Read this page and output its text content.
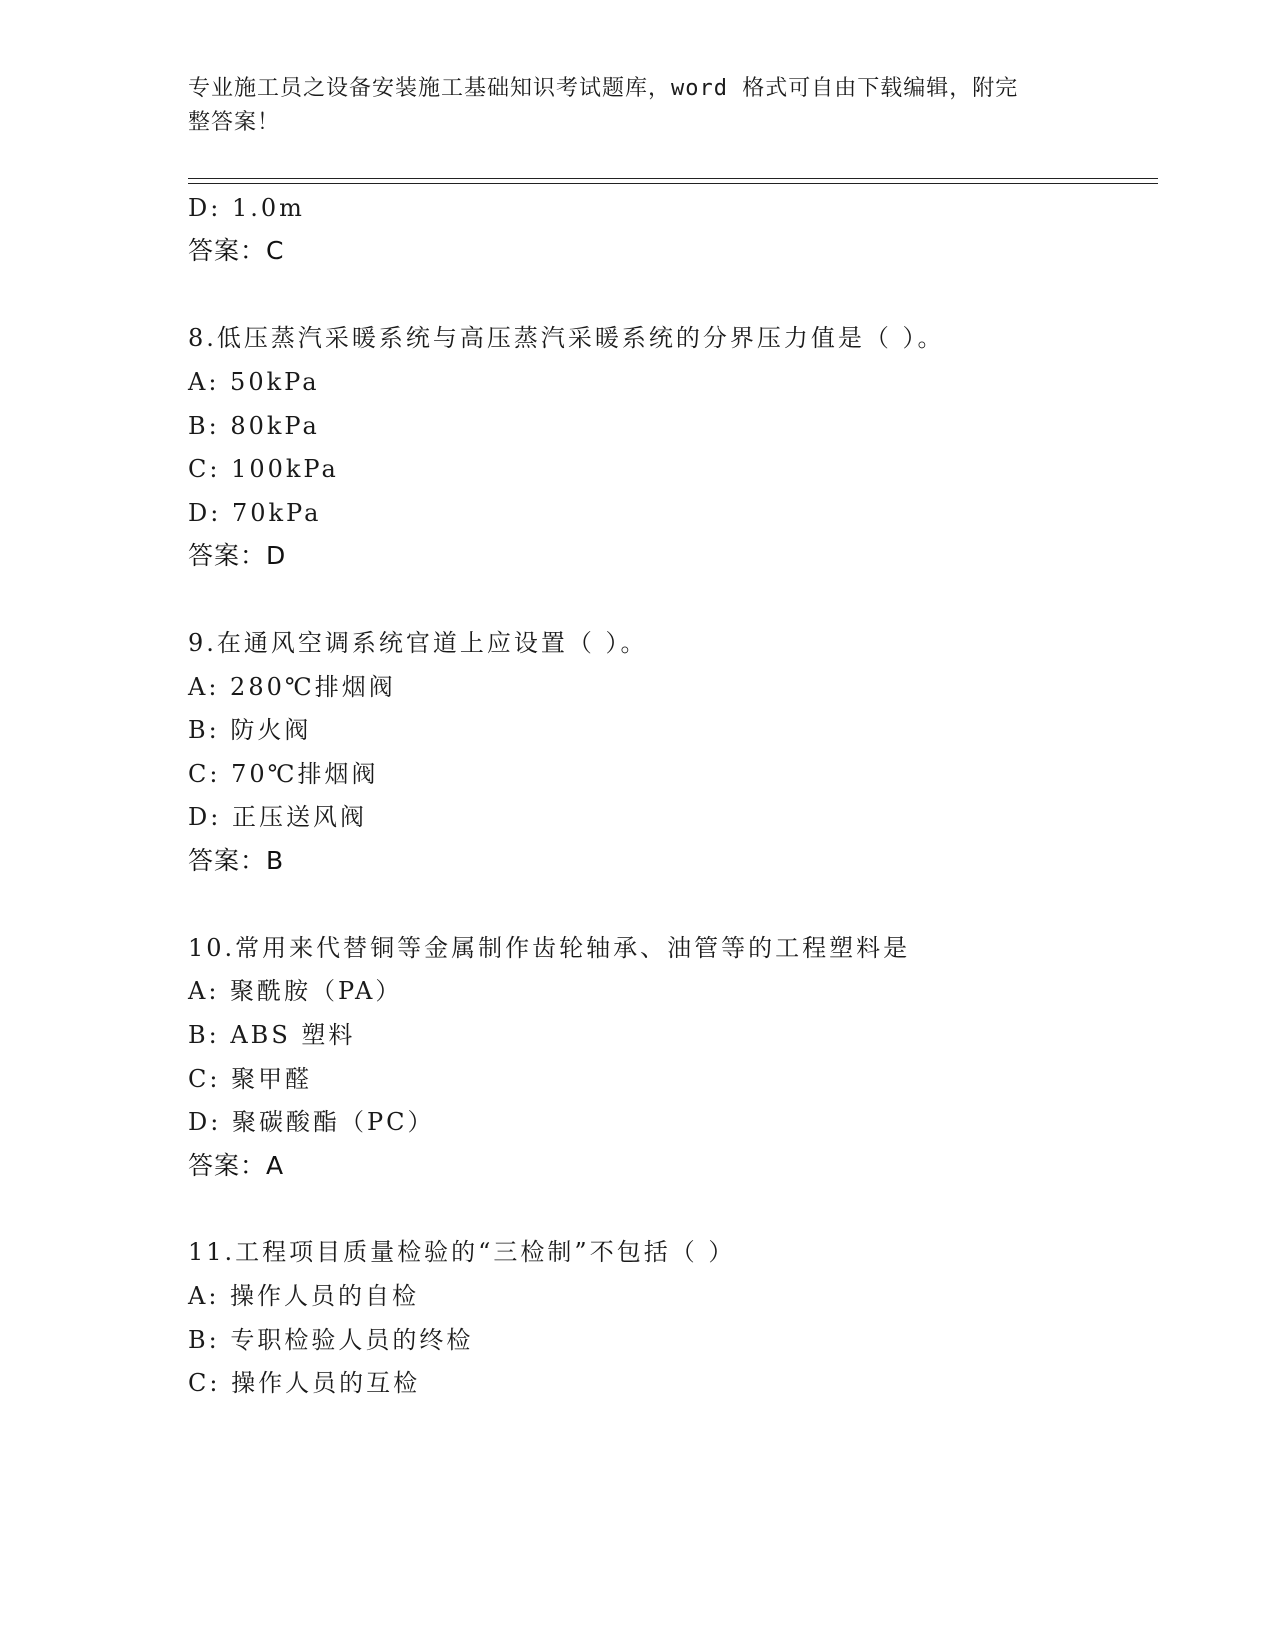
专业施工员之设备安装施工基础知识考试题库，word 格式可自由下载编辑，附完
整答案！
D: 1.0m
答案：C
8.低压蒸汽采暖系统与高压蒸汽采暖系统的分界压力值是（ ）。
A: 50kPa
B: 80kPa
C: 100kPa
D: 70kPa
答案：D
9.在通风空调系统官道上应设置（ ）。
A: 280℃排烟阀
B: 防火阀
C: 70℃排烟阀
D: 正压送风阀
答案：B
10.常用来代替铜等金属制作齿轮轴承、油管等的工程塑料是
A: 聚酰胺（PA）
B: ABS 塑料
C: 聚甲醛
D: 聚碳酸酯（PC）
答案：A
11.工程项目质量检验的“三检制”不包括（ ）
A: 操作人员的自检
B: 专职检验人员的终检
C: 操作人员的互检
